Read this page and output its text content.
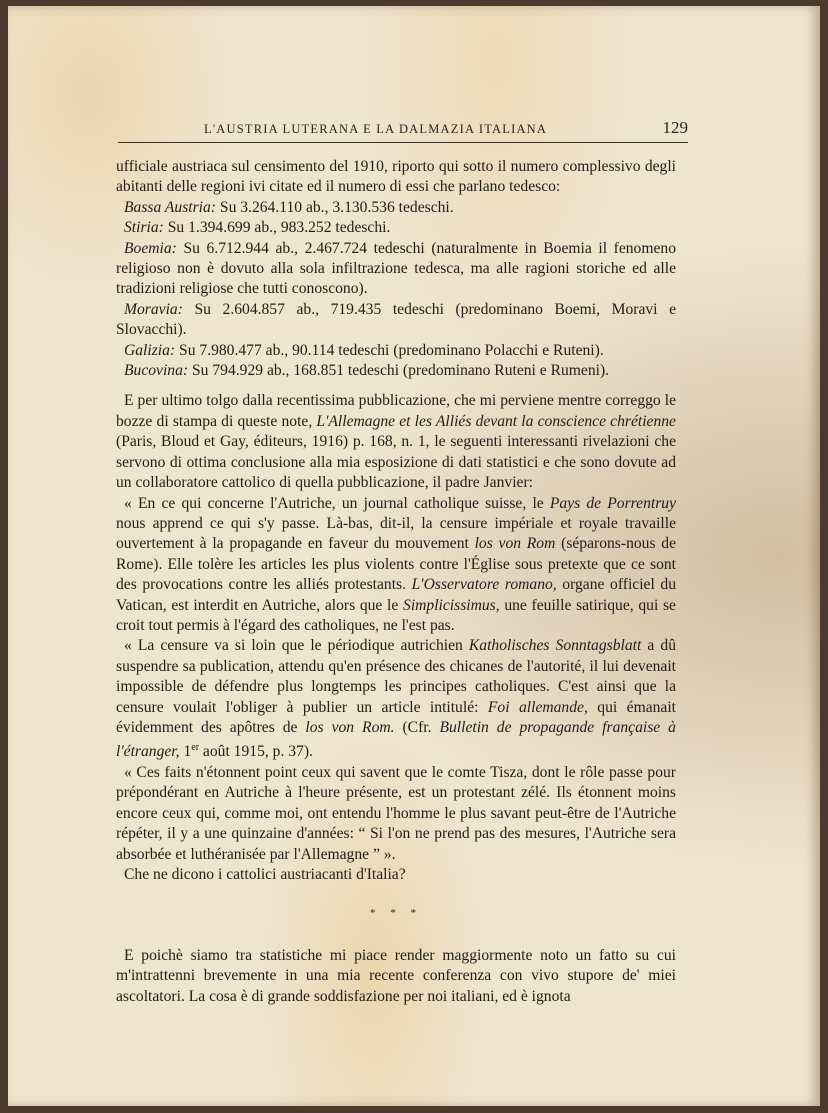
L'AUSTRIA LUTERANA E LA DALMAZIA ITALIANA	129

ufficiale austriaca sul censimento del 1910, riporto qui sotto il numero complessivo degli abitanti delle regioni ivi citate ed il numero di essi che parlano tedesco:

Bassa Austria: Su 3.264.110 ab., 3.130.536 tedeschi.

Stiria: Su 1.394.699 ab., 983.252 tedeschi.

Boemia: Su 6.712.944 ab., 2.467.724 tedeschi (naturalmente in Boemia il fenomeno religioso non è dovuto alla sola infiltrazione tedesca, ma alle ragioni storiche ed alle tradizioni religiose che tutti conoscono).

Moravia: Su 2.604.857 ab., 719.435 tedeschi (predominano Boemi, Moravi e Slovacchi).

Galizia: Su 7.980.477 ab., 90.114 tedeschi (predominano Polacchi e Ruteni).

Bucovina: Su 794.929 ab., 168.851 tedeschi (predominano Ruteni e Rumeni).

E per ultimo tolgo dalla recentissima pubblicazione, che mi perviene mentre correggo le bozze di stampa di queste note, L'Allemagne et les Alliés devant la conscience chrétienne (Paris, Bloud et Gay, éditeurs, 1916) p. 168, n. 1, le seguenti interessanti rivelazioni che servono di ottima conclusione alla mia esposizione di dati statistici e che sono dovute ad un collaboratore cattolico di quella pubblicazione, il padre Janvier:

« En ce qui concerne l'Autriche, un journal catholique suisse, le Pays de Porrentruy nous apprend ce qui s'y passe. Là-bas, dit-il, la censure impériale et royale travaille ouvertement à la propagande en faveur du mouvement los von Rom (séparons-nous de Rome). Elle tolère les articles les plus violents contre l'Église sous pretexte que ce sont des provocations contre les alliés protestants. L'Osservatore romano, organe officiel du Vatican, est interdit en Autriche, alors que le Simplicissimus, une feuille satirique, qui se croit tout permis à l'égard des catholiques, ne l'est pas.

« La censure va si loin que le périodique autrichien Katholisches Sonntagsblatt a dû suspendre sa publication, attendu qu'en présence des chicanes de l'autorité, il lui devenait impossible de défendre plus longtemps les principes catholiques. C'est ainsi que la censure voulait l'obliger à publier un article intitulé: Foi allemande, qui émanait évidemment des apôtres de los von Rom. (Cfr. Bulletin de propagande française à l'étranger, 1er août 1915, p. 37).

« Ces faits n'étonnent point ceux qui savent que le comte Tisza, dont le rôle passe pour prépondérant en Autriche à l'heure présente, est un protestant zélé. Ils étonnent moins encore ceux qui, comme moi, ont entendu l'homme le plus savant peut-être de l'Autriche répéter, il y a une quinzaine d'années: “ Si l'on ne prend pas des mesures, l'Autriche sera absorbée et luthéranisée par l'Allemagne ” ».

Che ne dicono i cattolici austriacanti d'Italia?

* * *

E poichè siamo tra statistiche mi piace render maggiormente noto un fatto su cui m'intrattenni brevemente in una mia recente conferenza con vivo stupore de' miei ascoltatori. La cosa è di grande soddisfazione per noi italiani, ed è ignota
